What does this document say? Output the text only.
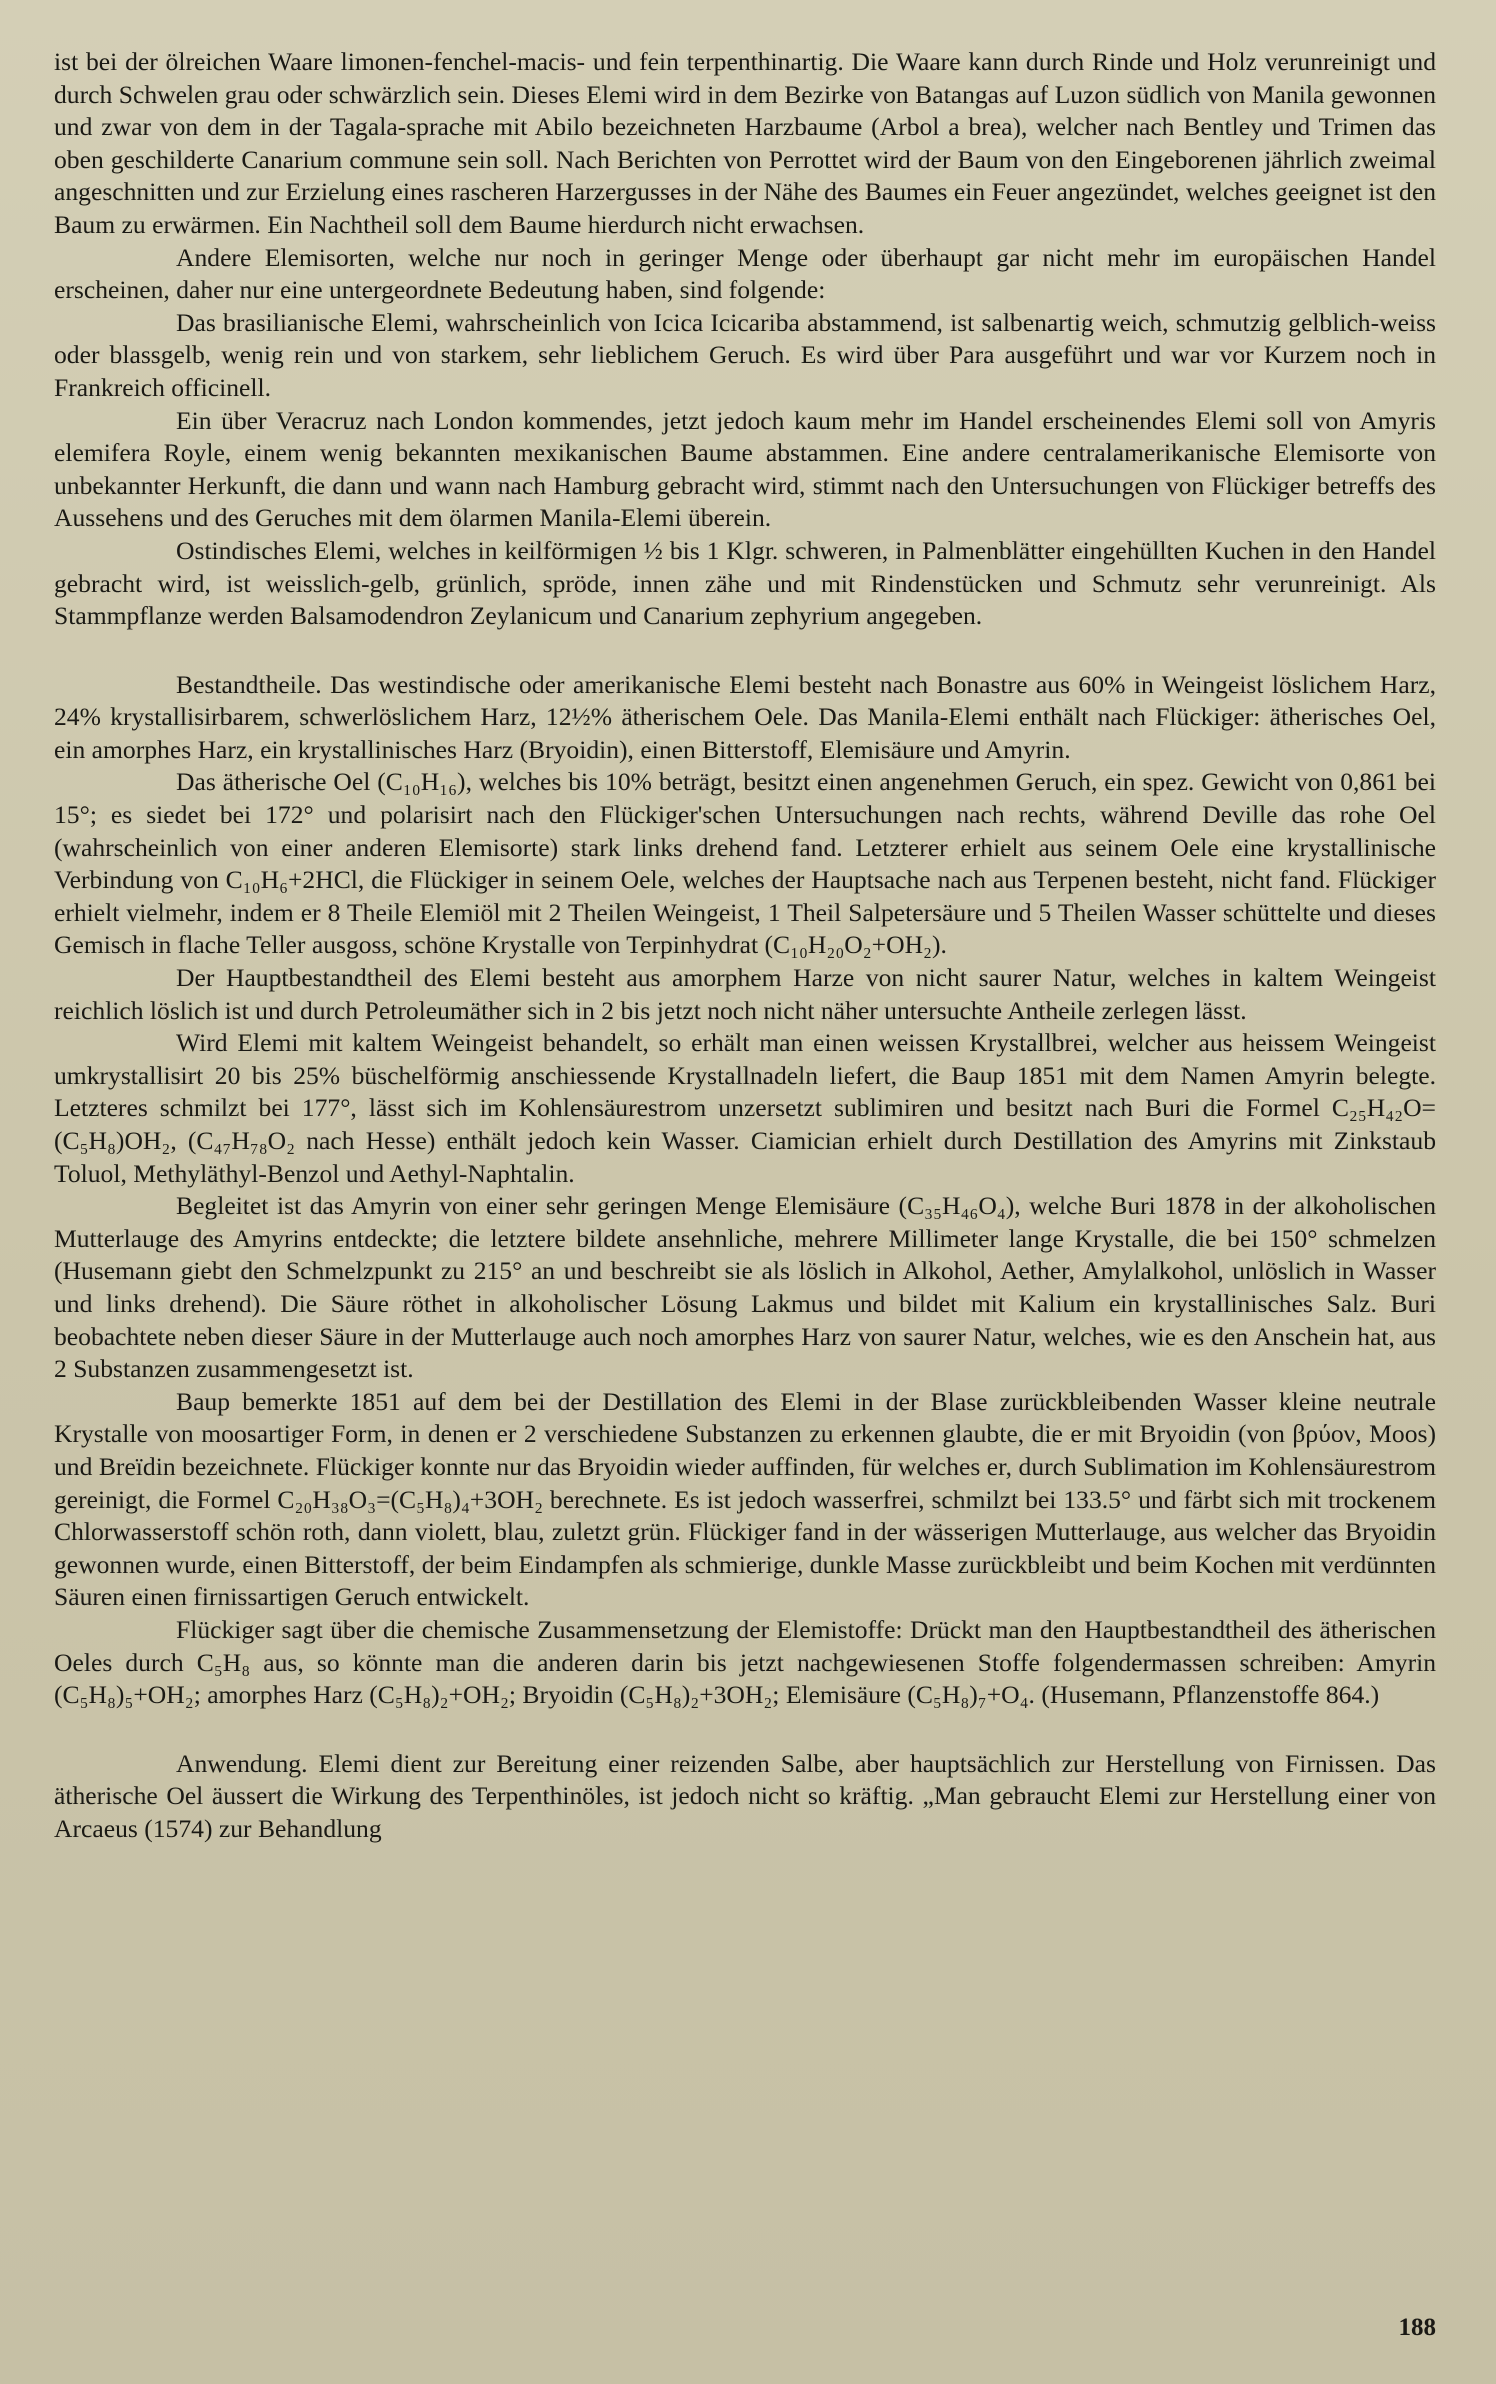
ist bei der ölreichen Waare limonen-fenchel-macis- und fein terpenthinartig. Die Waare kann durch Rinde und Holz verunreinigt und durch Schwelen grau oder schwärzlich sein. Dieses Elemi wird in dem Bezirke von Batangas auf Luzon südlich von Manila gewonnen und zwar von dem in der Tagala-sprache mit Abilo bezeichneten Harzbaume (Arbol a brea), welcher nach Bentley und Trimen das oben geschilderte Canarium commune sein soll. Nach Berichten von Perrottet wird der Baum von den Eingeborenen jährlich zweimal angeschnitten und zur Erzielung eines rascheren Harzergusses in der Nähe des Baumes ein Feuer angezündet, welches geeignet ist den Baum zu erwärmen. Ein Nachtheil soll dem Baume hierdurch nicht erwachsen.

Andere Elemisorten, welche nur noch in geringer Menge oder überhaupt gar nicht mehr im europäischen Handel erscheinen, daher nur eine untergeordnete Bedeutung haben, sind folgende:

Das brasilianische Elemi, wahrscheinlich von Icica Icicariba abstammend, ist salbenartig weich, schmutzig gelblich-weiss oder blassgelb, wenig rein und von starkem, sehr lieblichem Geruch. Es wird über Para ausgeführt und war vor Kurzem noch in Frankreich officinell.

Ein über Veracruz nach London kommendes, jetzt jedoch kaum mehr im Handel erscheinendes Elemi soll von Amyris elemifera Royle, einem wenig bekannten mexikanischen Baume abstammen. Eine andere centralamerikanische Elemisorte von unbekannter Herkunft, die dann und wann nach Hamburg gebracht wird, stimmt nach den Untersuchungen von Flückiger betreffs des Aussehens und des Geruches mit dem ölarmen Manila-Elemi überein.

Ostindisches Elemi, welches in keilförmigen ½ bis 1 Klgr. schweren, in Palmenblätter eingehüllten Kuchen in den Handel gebracht wird, ist weisslich-gelb, grünlich, spröde, innen zähe und mit Rindenstücken und Schmutz sehr verunreinigt. Als Stammpflanze werden Balsamodendron Zeylanicum und Canarium zephyrium angegeben.

Bestandtheile. Das westindische oder amerikanische Elemi besteht nach Bonastre aus 60% in Weingeist löslichem Harz, 24% krystallisirbarem, schwerlöslichem Harz, 12½% ätherischem Oele. Das Manila-Elemi enthält nach Flückiger: ätherisches Oel, ein amorphes Harz, ein krystallinisches Harz (Bryoidin), einen Bitterstoff, Elemisäure und Amyrin.

Das ätherische Oel (C₁₀H₁₆), welches bis 10% beträgt, besitzt einen angenehmen Geruch, ein spez. Gewicht von 0,861 bei 15°; es siedet bei 172° und polarisirt nach den Flückiger'schen Untersuchungen nach rechts, während Deville das rohe Oel (wahrscheinlich von einer anderen Elemisorte) stark links drehend fand. Letzterer erhielt aus seinem Oele eine krystallinische Verbindung von C₁₀H₆+2HCl, die Flückiger in seinem Oele, welches der Hauptsache nach aus Terpenen besteht, nicht fand. Flückiger erhielt vielmehr, indem er 8 Theile Elemiöl mit 2 Theilen Weingeist, 1 Theil Salpetersäure und 5 Theilen Wasser schüttelte und dieses Gemisch in flache Teller ausgoss, schöne Krystalle von Terpinhydrat (C₁₀H₂₀O₂+OH₂).

Der Hauptbestandtheil des Elemi besteht aus amorphem Harze von nicht saurer Natur, welches in kaltem Weingeist reichlich löslich ist und durch Petroleumäther sich in 2 bis jetzt noch nicht näher untersuchte Antheile zerlegen lässt.

Wird Elemi mit kaltem Weingeist behandelt, so erhält man einen weissen Krystallbrei, welcher aus heissem Weingeist umkrystallisirt 20 bis 25% büschelförmig anschiessende Krystallnadeln liefert, die Baup 1851 mit dem Namen Amyrin belegte. Letzteres schmilzt bei 177°, lässt sich im Kohlensäurestrom unzersetzt sublimiren und besitzt nach Buri die Formel C₂₅H₄₂O=(C₅H₈)OH₂, (C₄₇H₇₈O₂ nach Hesse) enthält jedoch kein Wasser. Ciamician erhielt durch Destillation des Amyrins mit Zinkstaub Toluol, Methyläthyl-Benzol und Aethyl-Naphtalin.

Begleitet ist das Amyrin von einer sehr geringen Menge Elemisäure (C₃₅H₄₆O₄), welche Buri 1878 in der alkoholischen Mutterlauge des Amyrins entdeckte; die letztere bildete ansehnliche, mehrere Millimeter lange Krystalle, die bei 150° schmelzen (Husemann giebt den Schmelzpunkt zu 215° an und beschreibt sie als löslich in Alkohol, Aether, Amylalkohol, unlöslich in Wasser und links drehend). Die Säure röthet in alkoholischer Lösung Lakmus und bildet mit Kalium ein krystallinisches Salz. Buri beobachtete neben dieser Säure in der Mutterlauge auch noch amorphes Harz von saurer Natur, welches, wie es den Anschein hat, aus 2 Substanzen zusammengesetzt ist.

Baup bemerkte 1851 auf dem bei der Destillation des Elemi in der Blase zurückbleibenden Wasser kleine neutrale Krystalle von moosartiger Form, in denen er 2 verschiedene Substanzen zu erkennen glaubte, die er mit Bryoidin (von βρύον, Moos) und Breïdin bezeichnete. Flückiger konnte nur das Bryoidin wieder auffinden, für welches er, durch Sublimation im Kohlensäurestrom gereinigt, die Formel C₂₀H₃₈O₃=(C₅H₈)₄+3OH₂ berechnete. Es ist jedoch wasserfrei, schmilzt bei 133.5° und färbt sich mit trockenem Chlorwasserstoff schön roth, dann violett, blau, zuletzt grün. Flückiger fand in der wässerigen Mutterlauge, aus welcher das Bryoidin gewonnen wurde, einen Bitterstoff, der beim Eindampfen als schmierige, dunkle Masse zurückbleibt und beim Kochen mit verdünnten Säuren einen firnissartigen Geruch entwickelt.

Flückiger sagt über die chemische Zusammensetzung der Elemistoffe: Drückt man den Hauptbestandtheil des ätherischen Oeles durch C₅H₈ aus, so könnte man die anderen darin bis jetzt nachgewiesenen Stoffe folgendermassen schreiben: Amyrin (C₅H₈)₅+OH₂; amorphes Harz (C₅H₈)₂+OH₂; Bryoidin (C₅H₈)₂+3OH₂; Elemisäure (C₅H₈)₇+O₄. (Husemann, Pflanzenstoffe 864.)

Anwendung. Elemi dient zur Bereitung einer reizenden Salbe, aber hauptsächlich zur Herstellung von Firnissen. Das ätherische Oel äussert die Wirkung des Terpenthinöles, ist jedoch nicht so kräftig. „Man gebraucht Elemi zur Herstellung einer von Arcaeus (1574) zur Behandlung

188
